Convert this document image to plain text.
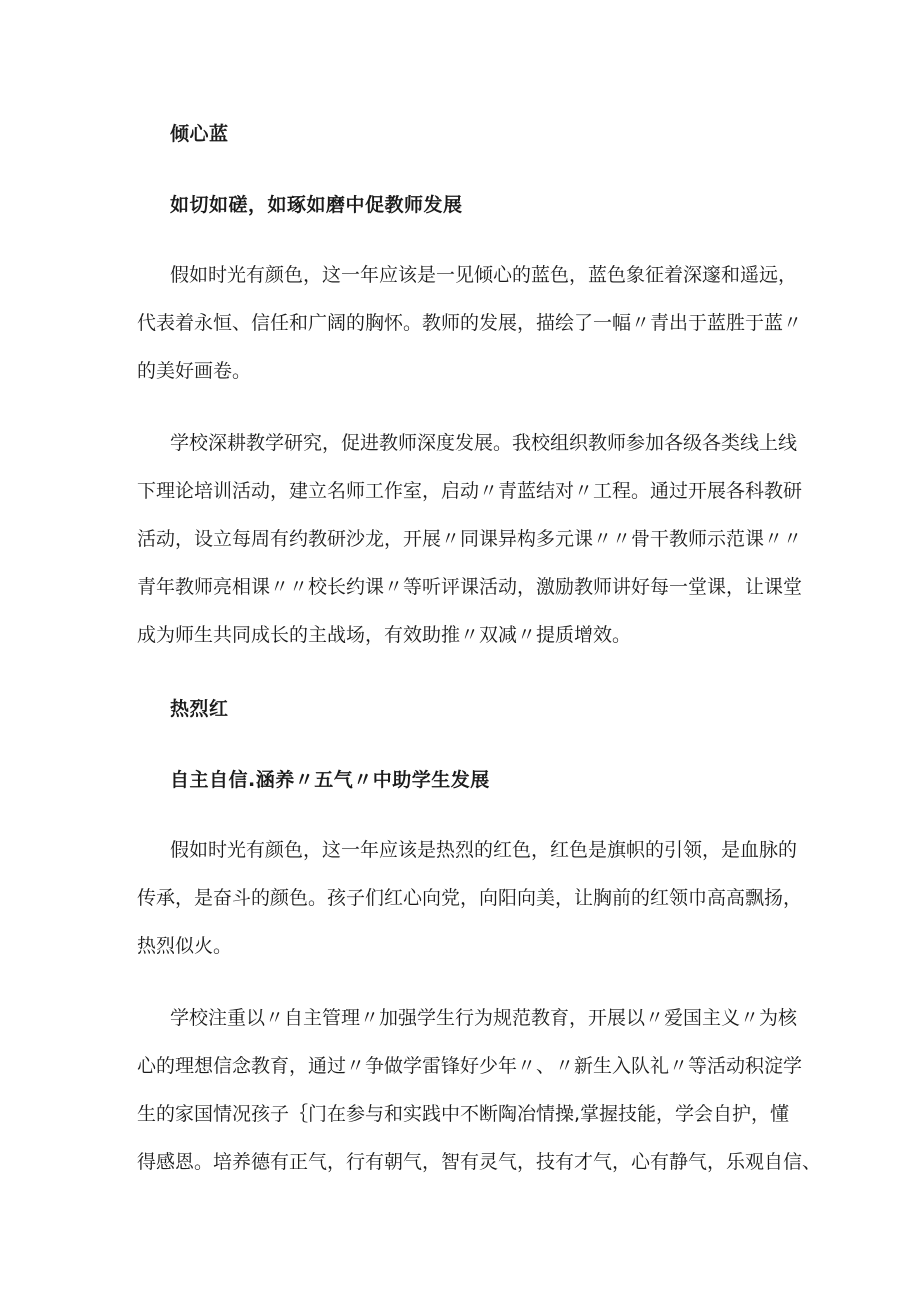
倾心蓝
如切如磋，如琢如磨中促教师发展
假如时光有颜色，这一年应该是一见倾心的蓝色，蓝色象征着深邃和遥远，
代表着永恒、信任和广阔的胸怀。教师的发展，描绘了一幅〃青出于蓝胜于蓝〃
的美好画卷。
学校深耕教学研究，促进教师深度发展。我校组织教师参加各级各类线上线
下理论培训活动，建立名师工作室，启动〃青蓝结对〃工程。通过开展各科教研
活动，设立每周有约教研沙龙，开展〃同课异构多元课〃〃骨干教师示范课〃〃
青年教师亮相课〃〃校长约课〃等听评课活动，激励教师讲好每一堂课，让课堂
成为师生共同成长的主战场，有效助推〃双减〃提质增效。
热烈红
自主自信.涵养〃五气〃中助学生发展
假如时光有颜色，这一年应该是热烈的红色，红色是旗帜的引领，是血脉的
传承，是奋斗的颜色。孩子们红心向党，向阳向美，让胸前的红领巾高高飘扬，
热烈似火。
学校注重以〃自主管理〃加强学生行为规范教育，开展以〃爱国主义〃为核
心的理想信念教育，通过〃争做学雷锋好少年〃、〃新生入队礼〃等活动积淀学
生的家国情况孩子｛门在参与和实践中不断陶冶情操,掌握技能，学会自护，懂
得感恩。培养德有正气，行有朝气，智有灵气，技有才气，心有静气，乐观自信、
